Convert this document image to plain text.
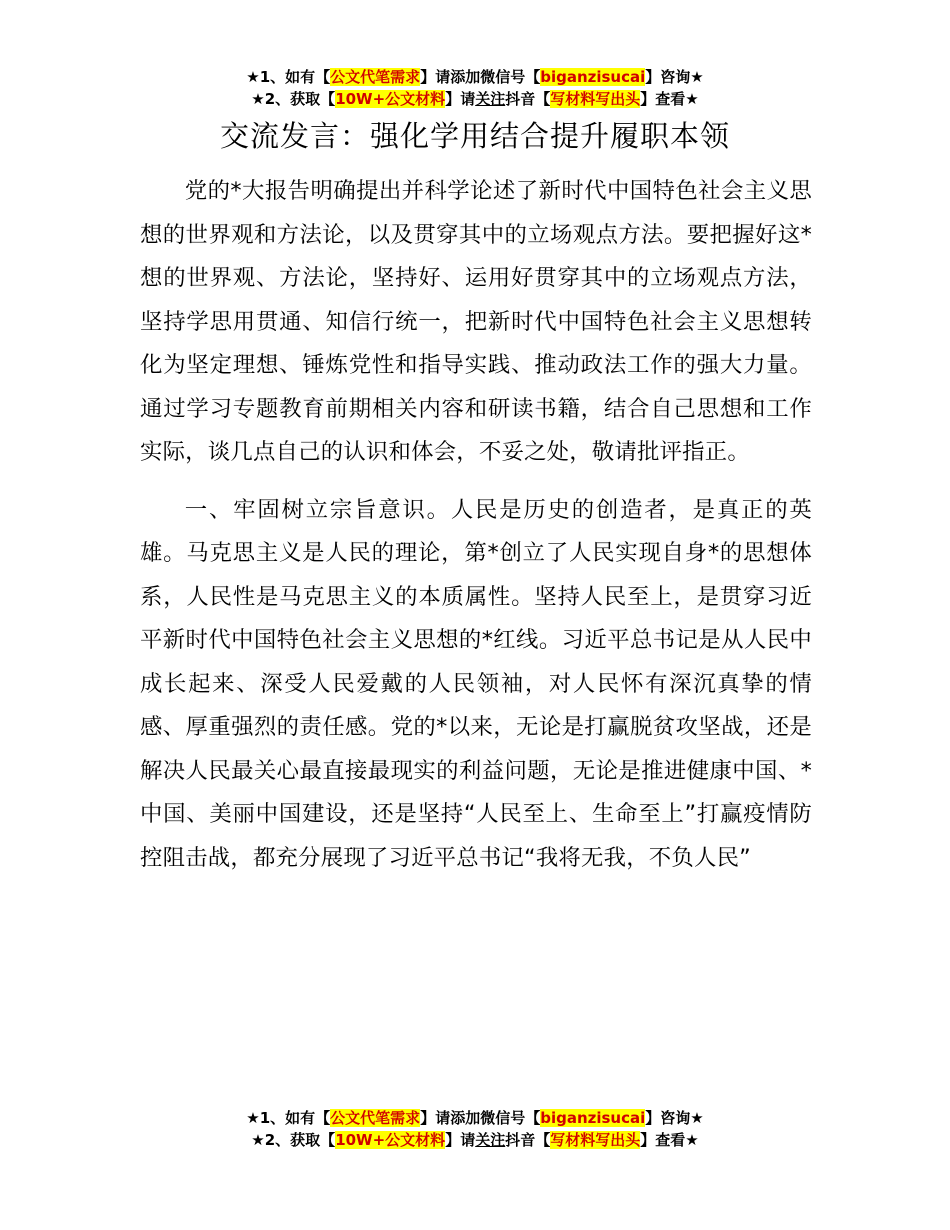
★1、如有【公文代笔需求】请添加微信号【biganzisucai】咨询★
★2、获取【10W+公文材料】请关注抖音【写材料写出头】查看★
交流发言：强化学用结合提升履职本领

党的*大报告明确提出并科学论述了新时代中国特色社会主义思想的世界观和方法论，以及贯穿其中的立场观点方法。要把握好这*想的世界观、方法论，坚持好、运用好贯穿其中的立场观点方法，坚持学思用贯通、知信行统一，把新时代中国特色社会主义思想转化为坚定理想、锤炼党性和指导实践、推动政法工作的强大力量。通过学习专题教育前期相关内容和研读书籍，结合自己思想和工作实际，谈几点自己的认识和体会，不妥之处，敬请批评指正。

一、牢固树立宗旨意识。人民是历史的创造者，是真正的英雄。马克思主义是人民的理论，第*创立了人民实现自身*的思想体系，人民性是马克思主义的本质属性。坚持人民至上，是贯穿习近平新时代中国特色社会主义思想的*红线。习近平总书记是从人民中成长起来、深受人民爱戴的人民领袖，对人民怀有深沉真挚的情感、厚重强烈的责任感。党的*以来，无论是打赢脱贫攻坚战，还是解决人民最关心最直接最现实的利益问题，无论是推进健康中国、*中国、美丽中国建设，还是坚持“人民至上、生命至上”打赢疫情防控阻击战，都充分展现了习近平总书记“我将无我，不负人民”

★1、如有【公文代笔需求】请添加微信号【biganzisucai】咨询★
★2、获取【10W+公文材料】请关注抖音【写材料写出头】查看★
